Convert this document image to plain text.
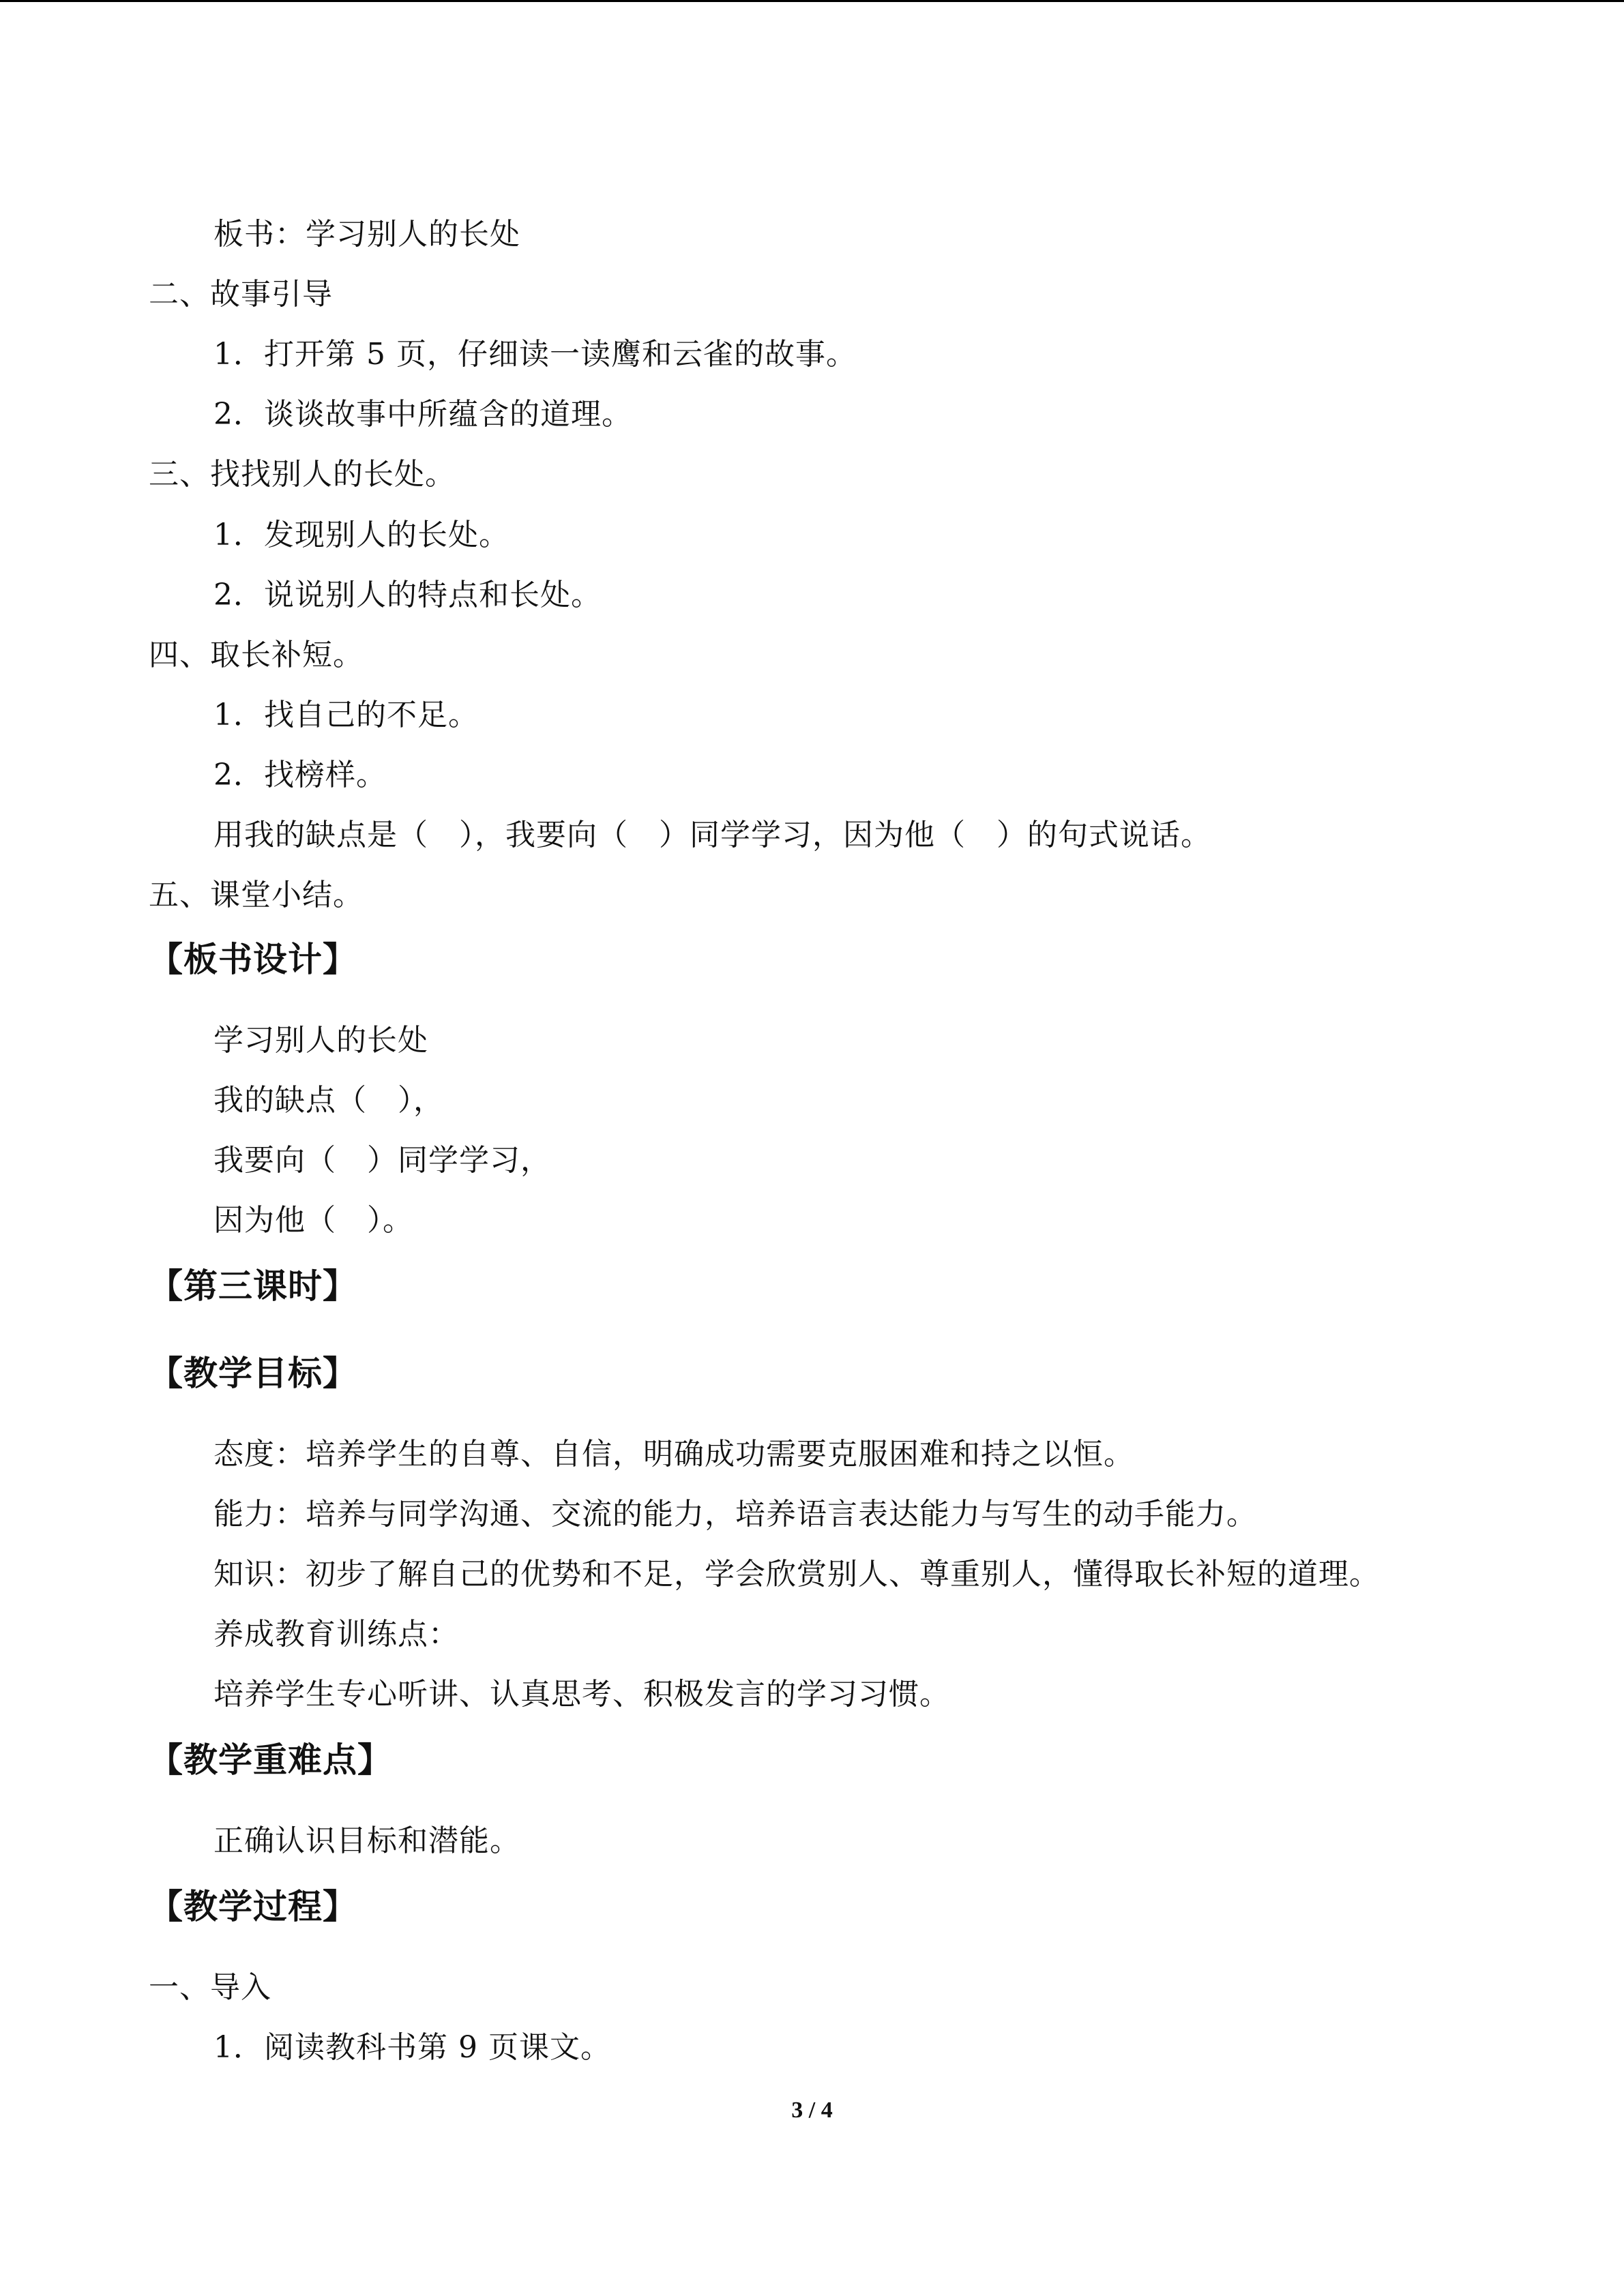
板书：学习别人的长处
二、故事引导
1．打开第 5 页，仔细读一读鹰和云雀的故事。
2．谈谈故事中所蕴含的道理。
三、找找别人的长处。
1．发现别人的长处。
2．说说别人的特点和长处。
四、取长补短。
1．找自己的不足。
2．找榜样。
用我的缺点是（　），我要向（　）同学学习，因为他（　）的句式说话。
五、课堂小结。
【板书设计】
学习别人的长处
我的缺点（　），
我要向（　）同学学习，
因为他（　）。
【第三课时】
【教学目标】
态度：培养学生的自尊、自信，明确成功需要克服困难和持之以恒。
能力：培养与同学沟通、交流的能力，培养语言表达能力与写生的动手能力。
知识：初步了解自己的优势和不足，学会欣赏别人、尊重别人，懂得取长补短的道理。
养成教育训练点：
培养学生专心听讲、认真思考、积极发言的学习习惯。
【教学重难点】
正确认识目标和潜能。
【教学过程】
一、导入
1．阅读教科书第 9 页课文。
3 / 4
